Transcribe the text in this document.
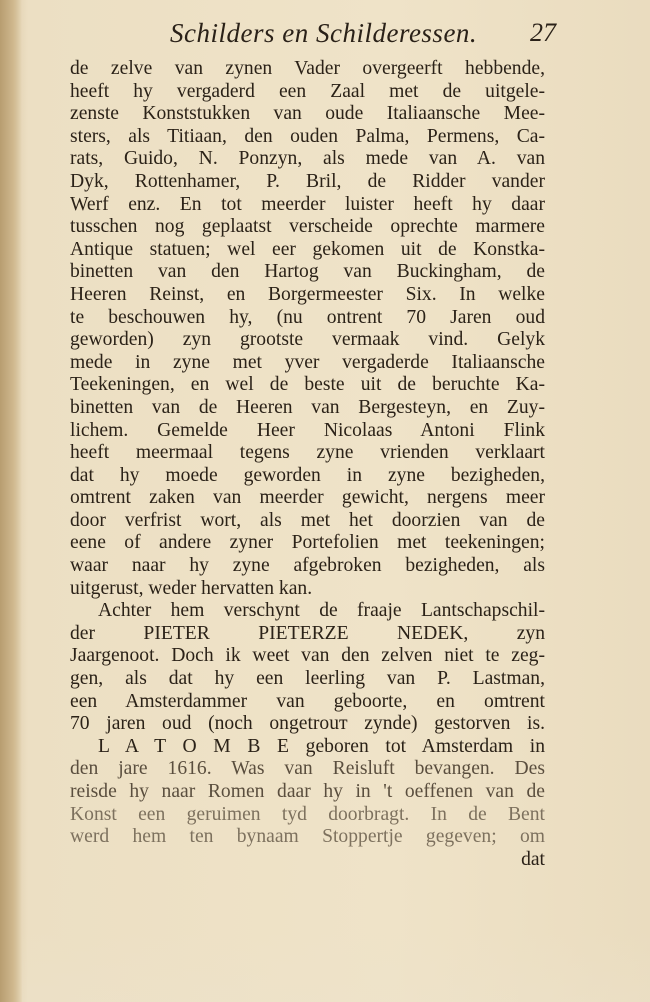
Schilders en Schilderessen. 27
de zelve van zynen Vader overgeerft hebbende,
heeft hy vergaderd een Zaal met de uitgele-
zenste Konststukken van oude Italiaansche Mee-
sters, als Titiaan, den ouden Palma, Permens, Ca-
rats, Guido, N. Ponzyn, als mede van A. van
Dyk, Rottenhamer, P. Bril, de Ridder vander
Werf enz. En tot meerder luister heeft hy daar
tusschen nog geplaatst verscheide oprechte marmere
Antique statuen; wel eer gekomen uit de Konstka-
binetten van den Hartog van Buckingham, de
Heeren Reinst, en Borgermeester Six. In welke
te beschouwen hy, (nu ontrent 70 Jaren oud
geworden) zyn grootste vermaak vind. Gelyk
mede in zyne met yver vergaderde Italiaansche
Teekeningen, en wel de beste uit de beruchte Ka-
binetten van de Heeren van Bergesteyn, en Zuy-
lichem. Gemelde Heer Nicolaas Antoni Flink
heeft meermaal tegens zyne vrienden verklaart
dat hy moede geworden in zyne bezigheden,
omtrent zaken van meerder gewicht, nergens meer
door verfrist wort, als met het doorzien van de
eene of andere zyner Portefolien met teekeningen;
waar naar hy zyne afgebroken bezigheden, als
uitgerust, weder hervatten kan.
Achter hem verschynt de fraaje Lantschapschil-
der PIETER PIETERZE NEDEK, zyn
Jaargenoot. Doch ik weet van den zelven niet te zeg-
gen, als dat hy een leerling van P. Lastman,
een Amsterdammer van geboorte, en omtrent
70 jaren oud (noch ongetrouт zynde) gestorven is.
L A T O M B E geboren tot Amsterdam in
den jare 1616. Was van Reisluft bevangen. Des
reisde hy naar Romen daar hy in 't oeffenen van de
Konst een geruimen tyd doorbragt. In de Bent
werd hem ten bynaam Stoppertje gegeven; om
dat
